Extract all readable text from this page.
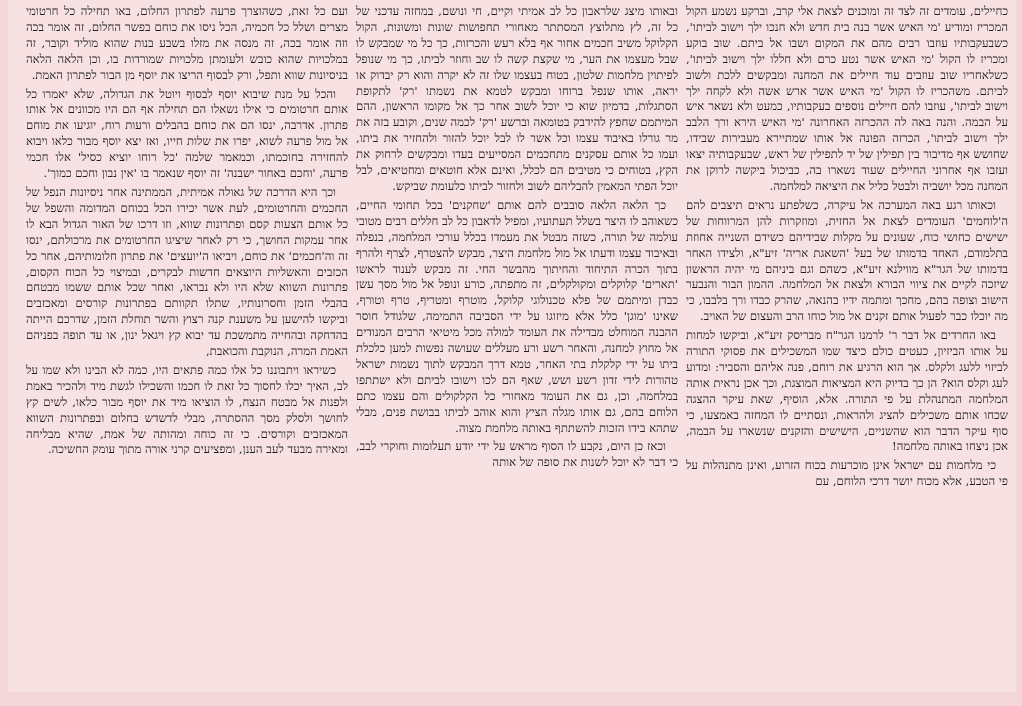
כחיילים, עומדים זה לצד זה ומוכנים לצאת אלי קרב, וברקע נשמע הקול המכריז ומודיע 'מי האיש אשר בנה בית חדש ולא חנכו ילך וישוב לביתו', כשבעקבותיו עוזבו רבים מהם את המקום ושבו אל ביתם. שוב בוקע ומכריז לו הקול 'מי האיש אשר נטע כרם ולא חללו ילך וישוב לביתו', כשלאחריו שוב עוזבים עוד חיילים את המחנה ומבקשים ללכת ולשוב לביתם. משהכריז לו הקול 'מי האיש אשר ארש אשה ולא לקחה ילך וישוב לביתו', עוזבו להם חיילים נוספים בעקבותיו, כמעט ולא נשאר איש על הבמה. והנה באה לה ההכרזה האחרונה 'מי האיש הירא ורך הלבב ילך וישוב לביתו', הכרזה הפונה אל אותו שמתיירא מעבירות שבידו, שחושש אף מדיבור בין תפילין של יד לתפילין של ראש, שבעקבותיה יצאו ועזבו אף אחרוני החיילים שעוד נשארו בה, כביכול ביקשה לרוקן את המחנה מכל יושביה ולבטל כליל את היציאה למלחמה.

וכאותו רגע באה המערכה אל עיקרה, כשלפתע נראים תיצבים להם ה'לוחמים' העומדים לצאת אל החזית, ומוזקרות להן המרווחות של ישישים כחושי כוח, שעונים על מקלות שבידיהם כשידם השנייה אחוזת בתלמודם, האחד בדמותו של בעל 'השאגת אריה' זיע"א, ולצידו האחר בדמותו של הגר"א מווילנא זיע"א, כשהם וגם ביניהם מי יהיה הראשון שיזכה לקיים את ציווי הבורא ולצאת אל המלחמה. ההמון הבור והנבער הישוב וצופה בהם, מחכך ומתמה ידיו בהנאה, שהרק כבדו ורך בלבבו, כי מה יוכלו כבר לפעול אותם זקנים אל מול כוחו הרב והעצום של האויב.

באו החרדים אל דבר ר' לרמנו הגר"ח מבריסק זיע"א, וביקשו למחות על אותו הביזיון, כעטים כולם כיצד שמו המשכילים את פסוקי התורה לביזוי ללעג ולקלס. אך הוא הרגיע את רוחם, פנה אליהם והסביר: ומדוע לעג וקלס הוא? הן כך בדיוק היא המציאות המוצגת, וכך אכן נראית אותה המלחמה המתנהלת על פי התורה. אלא, הוסיף, שאת עיקר ההצגה שכחו אותם משכילים להציג ולהראות, ונסתיים לו המחזה באמצעו, כי סוף עיקר הדבר הוא שהשניים, הישישים והזקנים שנשארו על הבמה, אכן ניצחו באותה מלחמה!

כי מלחמות עם ישראל אינן מוכרעות בכוח הזרוע, ואינן מתנהלות על פי הטבע, אלא מכוח יושר דרכי הלוחם, עם

ובאותו מיצג שלראבון כל לב אמיתי וקיים, חי ונושם, במחזה עדכני של כל זה, לץ מתלוצץ המסתתר מאחורי תחפושות שונות ומשונות, הקול הקלוקל משיב חכמים אחור אף בלא רעש והכרזות, כך כל מי שמבקש לו שבל מעצמו את הער, מי שקצת קשה לו שב וחוזר לביתו, כך מי שנופל לפיתוין מלחמות שלטון, בטוח בעצמו שלו זה לא יקרה והוא רק יבדוק או יראה, אותו שנפל ברוחו ומבקש לטמא את נשמתו 'רק' לתקופת הסתגלות, בדמיון שוא כי יוכל לשוב אחר כך אל מקומו הראשון, ההם המיתמם שחפץ להידבק בטומאה וברשע 'רק' לכמה שנים, וקובע בזה את מר גורלו באיבוד עצמו וכל אשר לו לבל יוכל להזור ולהחזיר את ביתו, ועמו כל אותם עסקנים מתחכמים המסייעים בעדו ומבקשים לרחוק את הקץ, בטוחים כי מטיבים הם לכלל, ואינם אלא חוטאים ומחטיאים, לבל יוכל הפתי המאמין להבליהם לשוב ולחזור לביתו כלעומת שביקש.

כך הלאה הלאה סובבים להם אותם 'שחקנים' בכל תחומי החיים, כשאוהב לו היצר בשלל תעתועיו, ומפיל לדאבון כל לב חללים רבים מטובי עולמה של תורה, כשזה מבטל את מעמדו בכלל עורכי המלחמה, בנפלה ובאיבוד עצמו ודעתו אל מול מלחמת היצר, מבקש להצטרף, לצרף ולהרף בתוך הכרה התיחוד והחיתוך מהבשר החי. זה מבקש לענוד לראשו 'תארים' קלוקלים ומקולקלים, זה מתפתה, כורע ונופל אל מול מסך עשן כבדן ומיתמם של פלא טכנולוגי קלוקל, מוטרף ומטריף, טרף וטורף, שאינו 'מוגן' כלל אלא מיזוגו על ידי הסביבה התמימה, שלגודל חוסר ההבנה המוחלט מבדילה את העומד למולה מכל מיטיאי הרבים המנודים אל מחוץ למחנה, והאחר רשע ורע מעללים שעושה נפשות למען כלכלת ביתו על ידי קלקלת בתי האחר, טמא דרך המבקש לתוך נשמות ישראל טהורות לידי זדון רשע ושש, שאף הם לכו וישובו לביתם ולא ישתתפו במלחמה, וכן, גם את העומד מאחורי כל הקלקולים והם עצמו כתם הלוחם בהם, גם אותו מגלה הציץ והוא אוהב לביתו בבושת פנים, מבלי שתהא בידו הזכות להשתתף באותה מלחמת מצוה.

וכאז כן היום, נקבע לו הסוף מראש על ידי יודע תעלומות וחוקרי לבב, כי דבר לא יוכל לשנות את סופה של אותה

ועם כל זאת, כשהוצרך פרעה לפתרון החלום, באו תחילה כל חרטומי מצרים ושלל כל חכמיה, הכל ניסו את כוחם בפשר החלום, זה אומר בכה וזה אומר בכה, זה מנסה את מזלו בשבע בנות שהוא מוליד וקובר, זה במלכויות שהוא כובש ולעומתן מלכויות שמורדות בו, וכן הלאה הלאה בניסיונות שווא ותפל, ורק לבסוף הריצו את יוסף מן הבור לפתרון האמת.

והכל על מנת שיבוא יוסף לבסוף ויוטל את הגדולה, שלא יאמרו כל אותם חרטומים כי אילו נשאלו הם תחילה אף הם היו מכוונים אל אותו פתרון. אדרבה, ינסו הם את כוחם בהבלים ורעות רוח, יוגיעו את מוחם אל מול פרעה לשוא, יפרו את שלות חייו, ואז יצא יוסף מבור כלאו ויבוא להחזירה בחוכמתו, וכמאמר שלמה 'כל רוחו יוציא כסיל' אלו חכמי פרעה, 'וחכם באחור ישבנה' זה יוסף שנאמר בו 'אין נבון וחכם כמוך'.

וכך היא הדרכה של גאולה אמיתית, הממתינה אחר ניסיונות הנפל של החכמים והחרטומים, לעת אשר יכירו הכל בכוחם המדומה והשפל של כל אותם הצעות קסם ופתרונות שווא, וזו דרכו של האור הגדול הבא לו אחר עמקות החושך, כי רק לאחר שיציגו החרטומים את מרכולתם, ינסו זה וה'חכמים' את כוחם, ויביאו ה'יועצים' את פתרון חלומותיהם, אחר כל הכזבים והאשליות היוצאים חדשות לבקרים, ובמיצוי כל הכוח הקסום, פתרונות השווא שלא היו ולא נבראו, ואחר שכל אותם ששמו מבטחם בהבלי הזמן וחסרונותיו, שתלו תקוותם בפתרונות קורסים ומאכזבים וביקשו להישען על משענת קנה רצוץ והשר תוחלת הזמן, שדרכם הייתה בהדחקה ובהחייה מתמשכת עד יבוא קץ ויגאל ינון, או עד תופה בפניהם האמת המרה, הנוקבת והכואבת,

כשיראו ויתבוננו כל אלו כמה פתאים היו, כמה לא הבינו ולא שמו על לב, האיך יכלו לחסוך כל זאת לו חכמו והשכילו לגשת מיד ולהכיר באמת ולפנות אל מבטח הנצח, לו הוציאו מיד את יוסף מבור כלאו, לשים קץ לחושך ולסלק מסך ההסתרה, מבלי לדשדש בחלום ובפתרונות השווא המאכזבים וקורסים. כי זה כוחה ומהותה של אמת, שהיא מבליחה ומאירה מבעד לעב הענן, ומפציעים קרני אורה מתוך עומק החשיכה.
